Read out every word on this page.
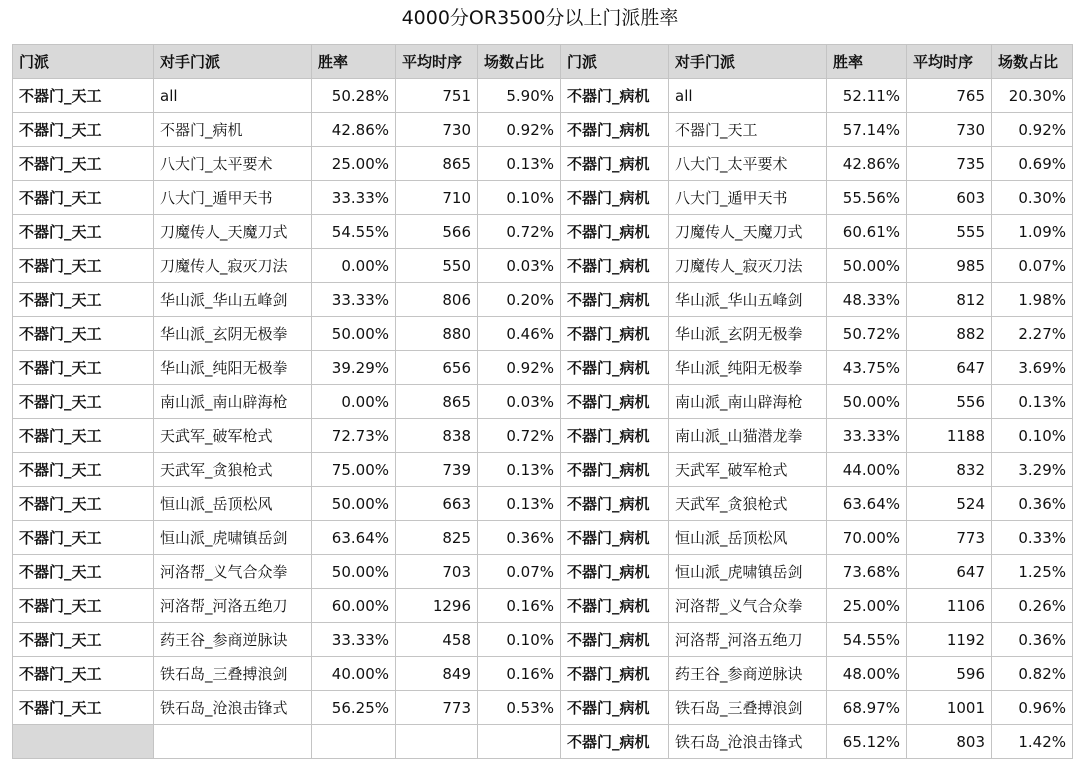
4000分OR3500分以上门派胜率
门派	对手门派	胜率	平均时序	场数占比	门派	对手门派	胜率	平均时序	场数占比
不器门_天工	all	50.28%	751	5.90%	不器门_病机	all	52.11%	765	20.30%
不器门_天工	不器门_病机	42.86%	730	0.92%	不器门_病机	不器门_天工	57.14%	730	0.92%
不器门_天工	八大门_太平要术	25.00%	865	0.13%	不器门_病机	八大门_太平要术	42.86%	735	0.69%
不器门_天工	八大门_遁甲天书	33.33%	710	0.10%	不器门_病机	八大门_遁甲天书	55.56%	603	0.30%
不器门_天工	刀魔传人_天魔刀式	54.55%	566	0.72%	不器门_病机	刀魔传人_天魔刀式	60.61%	555	1.09%
不器门_天工	刀魔传人_寂灭刀法	0.00%	550	0.03%	不器门_病机	刀魔传人_寂灭刀法	50.00%	985	0.07%
不器门_天工	华山派_华山五峰剑	33.33%	806	0.20%	不器门_病机	华山派_华山五峰剑	48.33%	812	1.98%
不器门_天工	华山派_玄阴无极拳	50.00%	880	0.46%	不器门_病机	华山派_玄阴无极拳	50.72%	882	2.27%
不器门_天工	华山派_纯阳无极拳	39.29%	656	0.92%	不器门_病机	华山派_纯阳无极拳	43.75%	647	3.69%
不器门_天工	南山派_南山辟海枪	0.00%	865	0.03%	不器门_病机	南山派_南山辟海枪	50.00%	556	0.13%
不器门_天工	天武军_破军枪式	72.73%	838	0.72%	不器门_病机	南山派_山猫潜龙拳	33.33%	1188	0.10%
不器门_天工	天武军_贪狼枪式	75.00%	739	0.13%	不器门_病机	天武军_破军枪式	44.00%	832	3.29%
不器门_天工	恒山派_岳顶松风	50.00%	663	0.13%	不器门_病机	天武军_贪狼枪式	63.64%	524	0.36%
不器门_天工	恒山派_虎啸镇岳剑	63.64%	825	0.36%	不器门_病机	恒山派_岳顶松风	70.00%	773	0.33%
不器门_天工	河洛帮_义气合众拳	50.00%	703	0.07%	不器门_病机	恒山派_虎啸镇岳剑	73.68%	647	1.25%
不器门_天工	河洛帮_河洛五绝刀	60.00%	1296	0.16%	不器门_病机	河洛帮_义气合众拳	25.00%	1106	0.26%
不器门_天工	药王谷_参商逆脉诀	33.33%	458	0.10%	不器门_病机	河洛帮_河洛五绝刀	54.55%	1192	0.36%
不器门_天工	铁石岛_三叠搏浪剑	40.00%	849	0.16%	不器门_病机	药王谷_参商逆脉诀	48.00%	596	0.82%
不器门_天工	铁石岛_沧浪击锋式	56.25%	773	0.53%	不器门_病机	铁石岛_三叠搏浪剑	68.97%	1001	0.96%
					不器门_病机	铁石岛_沧浪击锋式	65.12%	803	1.42%
